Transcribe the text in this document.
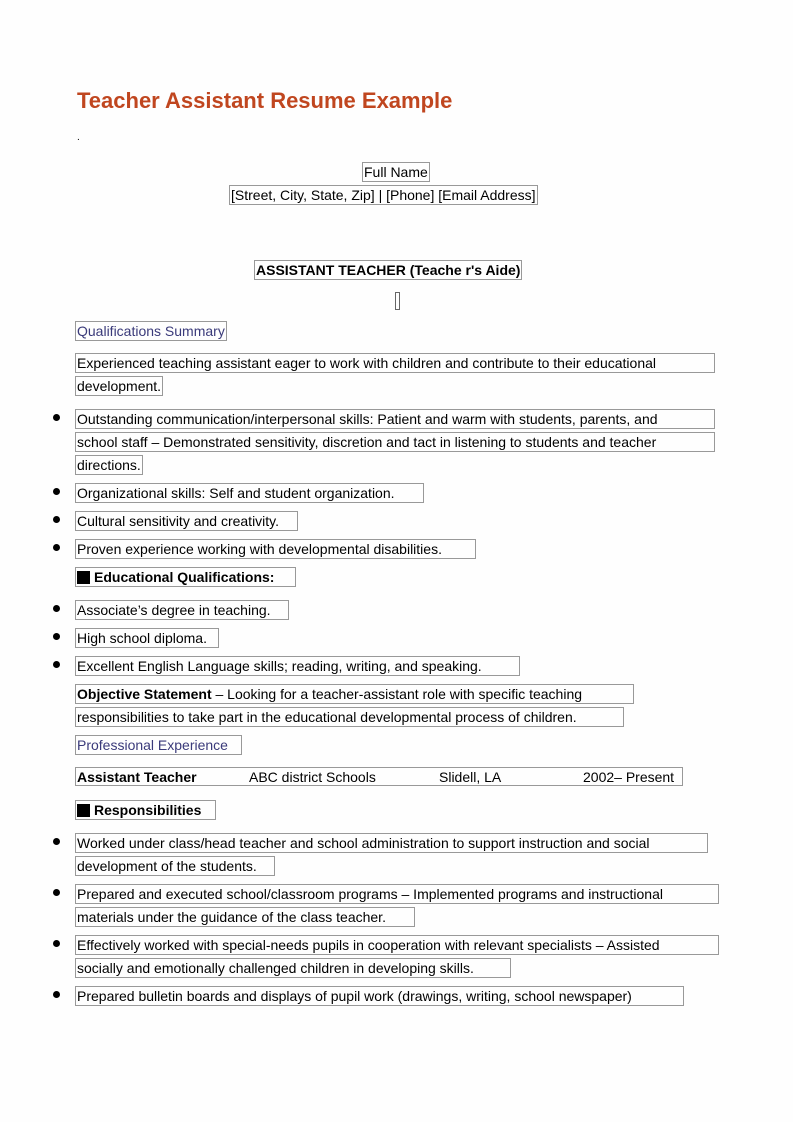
Teacher Assistant Resume Example
.
Full Name
[Street, City, State, Zip] | [Phone] [Email Address]
ASSISTANT TEACHER (Teache r's Aide)
Qualifications Summary
Experienced teaching assistant eager to work with children and contribute to their educational
development.
Outstanding communication/interpersonal skills: Patient and warm with students, parents, and
school staff – Demonstrated sensitivity, discretion and tact in listening to students and teacher
directions.
Organizational skills: Self and student organization.
Cultural sensitivity and creativity.
Proven experience working with developmental disabilities.
Educational Qualifications:
Associate’s degree in teaching.
High school diploma.
Excellent English Language skills; reading, writing, and speaking.
Objective Statement – Looking for a teacher-assistant role with specific teaching
responsibilities to take part in the educational developmental process of children.
Professional Experience
Assistant Teacher	ABC district Schools	Slidell, LA	2002– Present
Responsibilities
Worked under class/head teacher and school administration to support instruction and social
development of the students.
Prepared and executed school/classroom programs – Implemented programs and instructional
materials under the guidance of the class teacher.
Effectively worked with special-needs pupils in cooperation with relevant specialists – Assisted
socially and emotionally challenged children in developing skills.
Prepared bulletin boards and displays of pupil work (drawings, writing, school newspaper)
